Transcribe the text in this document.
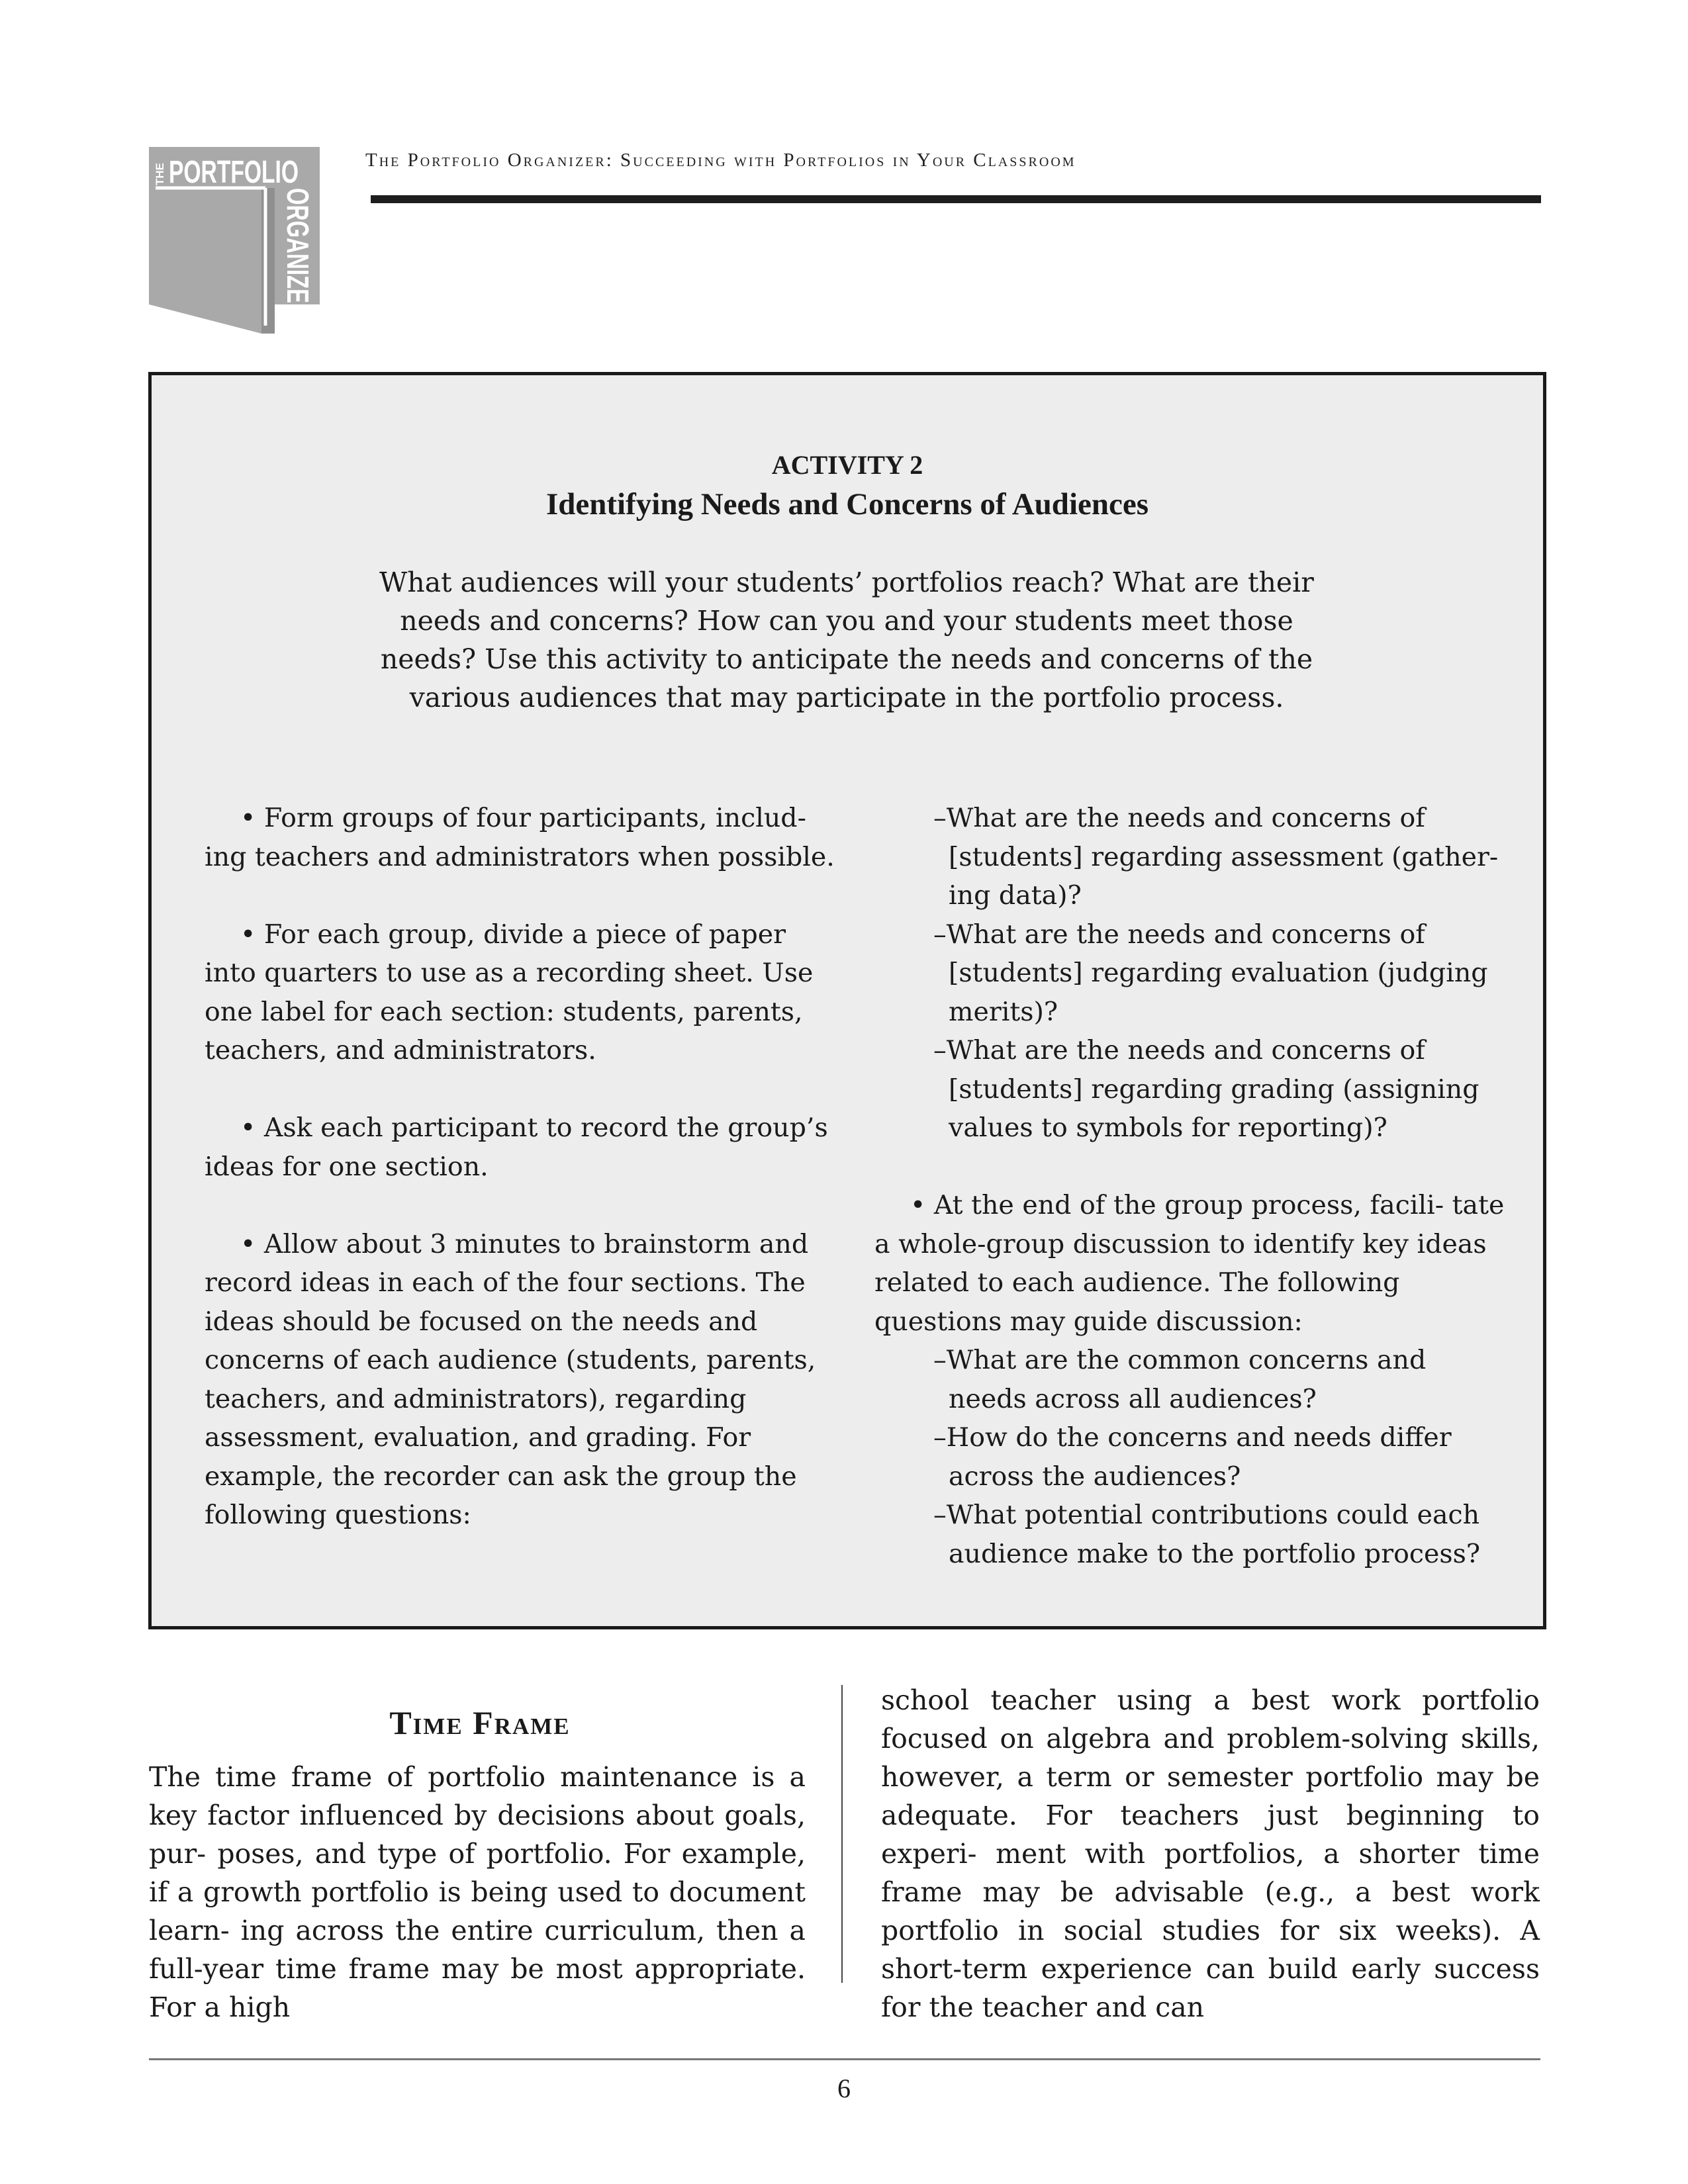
THE PORTFOLIO
ORGANIZER
The Portfolio Organizer: Succeeding with Portfolios in Your Classroom
ACTIVITY 2
Identifying Needs and Concerns of Audiences
What audiences will your students’ portfolios reach? What are their needs and concerns? How can you and your students meet those needs? Use this activity to anticipate the needs and concerns of the various audiences that may participate in the portfolio process.

• Form groups of four participants, includ- ing teachers and administrators when possible.

• For each group, divide a piece of paper into quarters to use as a recording sheet. Use one label for each section: students, parents, teachers, and administrators.

• Ask each participant to record the group’s ideas for one section.

• Allow about 3 minutes to brainstorm and record ideas in each of the four sections. The ideas should be focused on the needs and concerns of each audience (students, parents, teachers, and administrators), regarding assessment, evaluation, and grading. For example, the recorder can ask the group the following questions:

–What are the needs and concerns of [students] regarding assessment (gather- ing data)?

–What are the needs and concerns of [students] regarding evaluation (judging merits)?

–What are the needs and concerns of [students] regarding grading (assigning values to symbols for reporting)?

• At the end of the group process, facili- tate a whole-group discussion to identify key ideas related to each audience. The following questions may guide discussion:

–What are the common concerns and needs across all audiences?

–How do the concerns and needs differ across the audiences?

–What potential contributions could each audience make to the portfolio process?

Time Frame
The time frame of portfolio maintenance is a key factor influenced by decisions about goals, pur- poses, and type of portfolio. For example, if a growth portfolio is being used to document learn- ing across the entire curriculum, then a full-year time frame may be most appropriate. For a high
school teacher using a best work portfolio focused on algebra and problem-solving skills, however, a term or semester portfolio may be adequate. For teachers just beginning to experi- ment with portfolios, a shorter time frame may be advisable (e.g., a best work portfolio in social studies for six weeks). A short-term experience can build early success for the teacher and can
6
